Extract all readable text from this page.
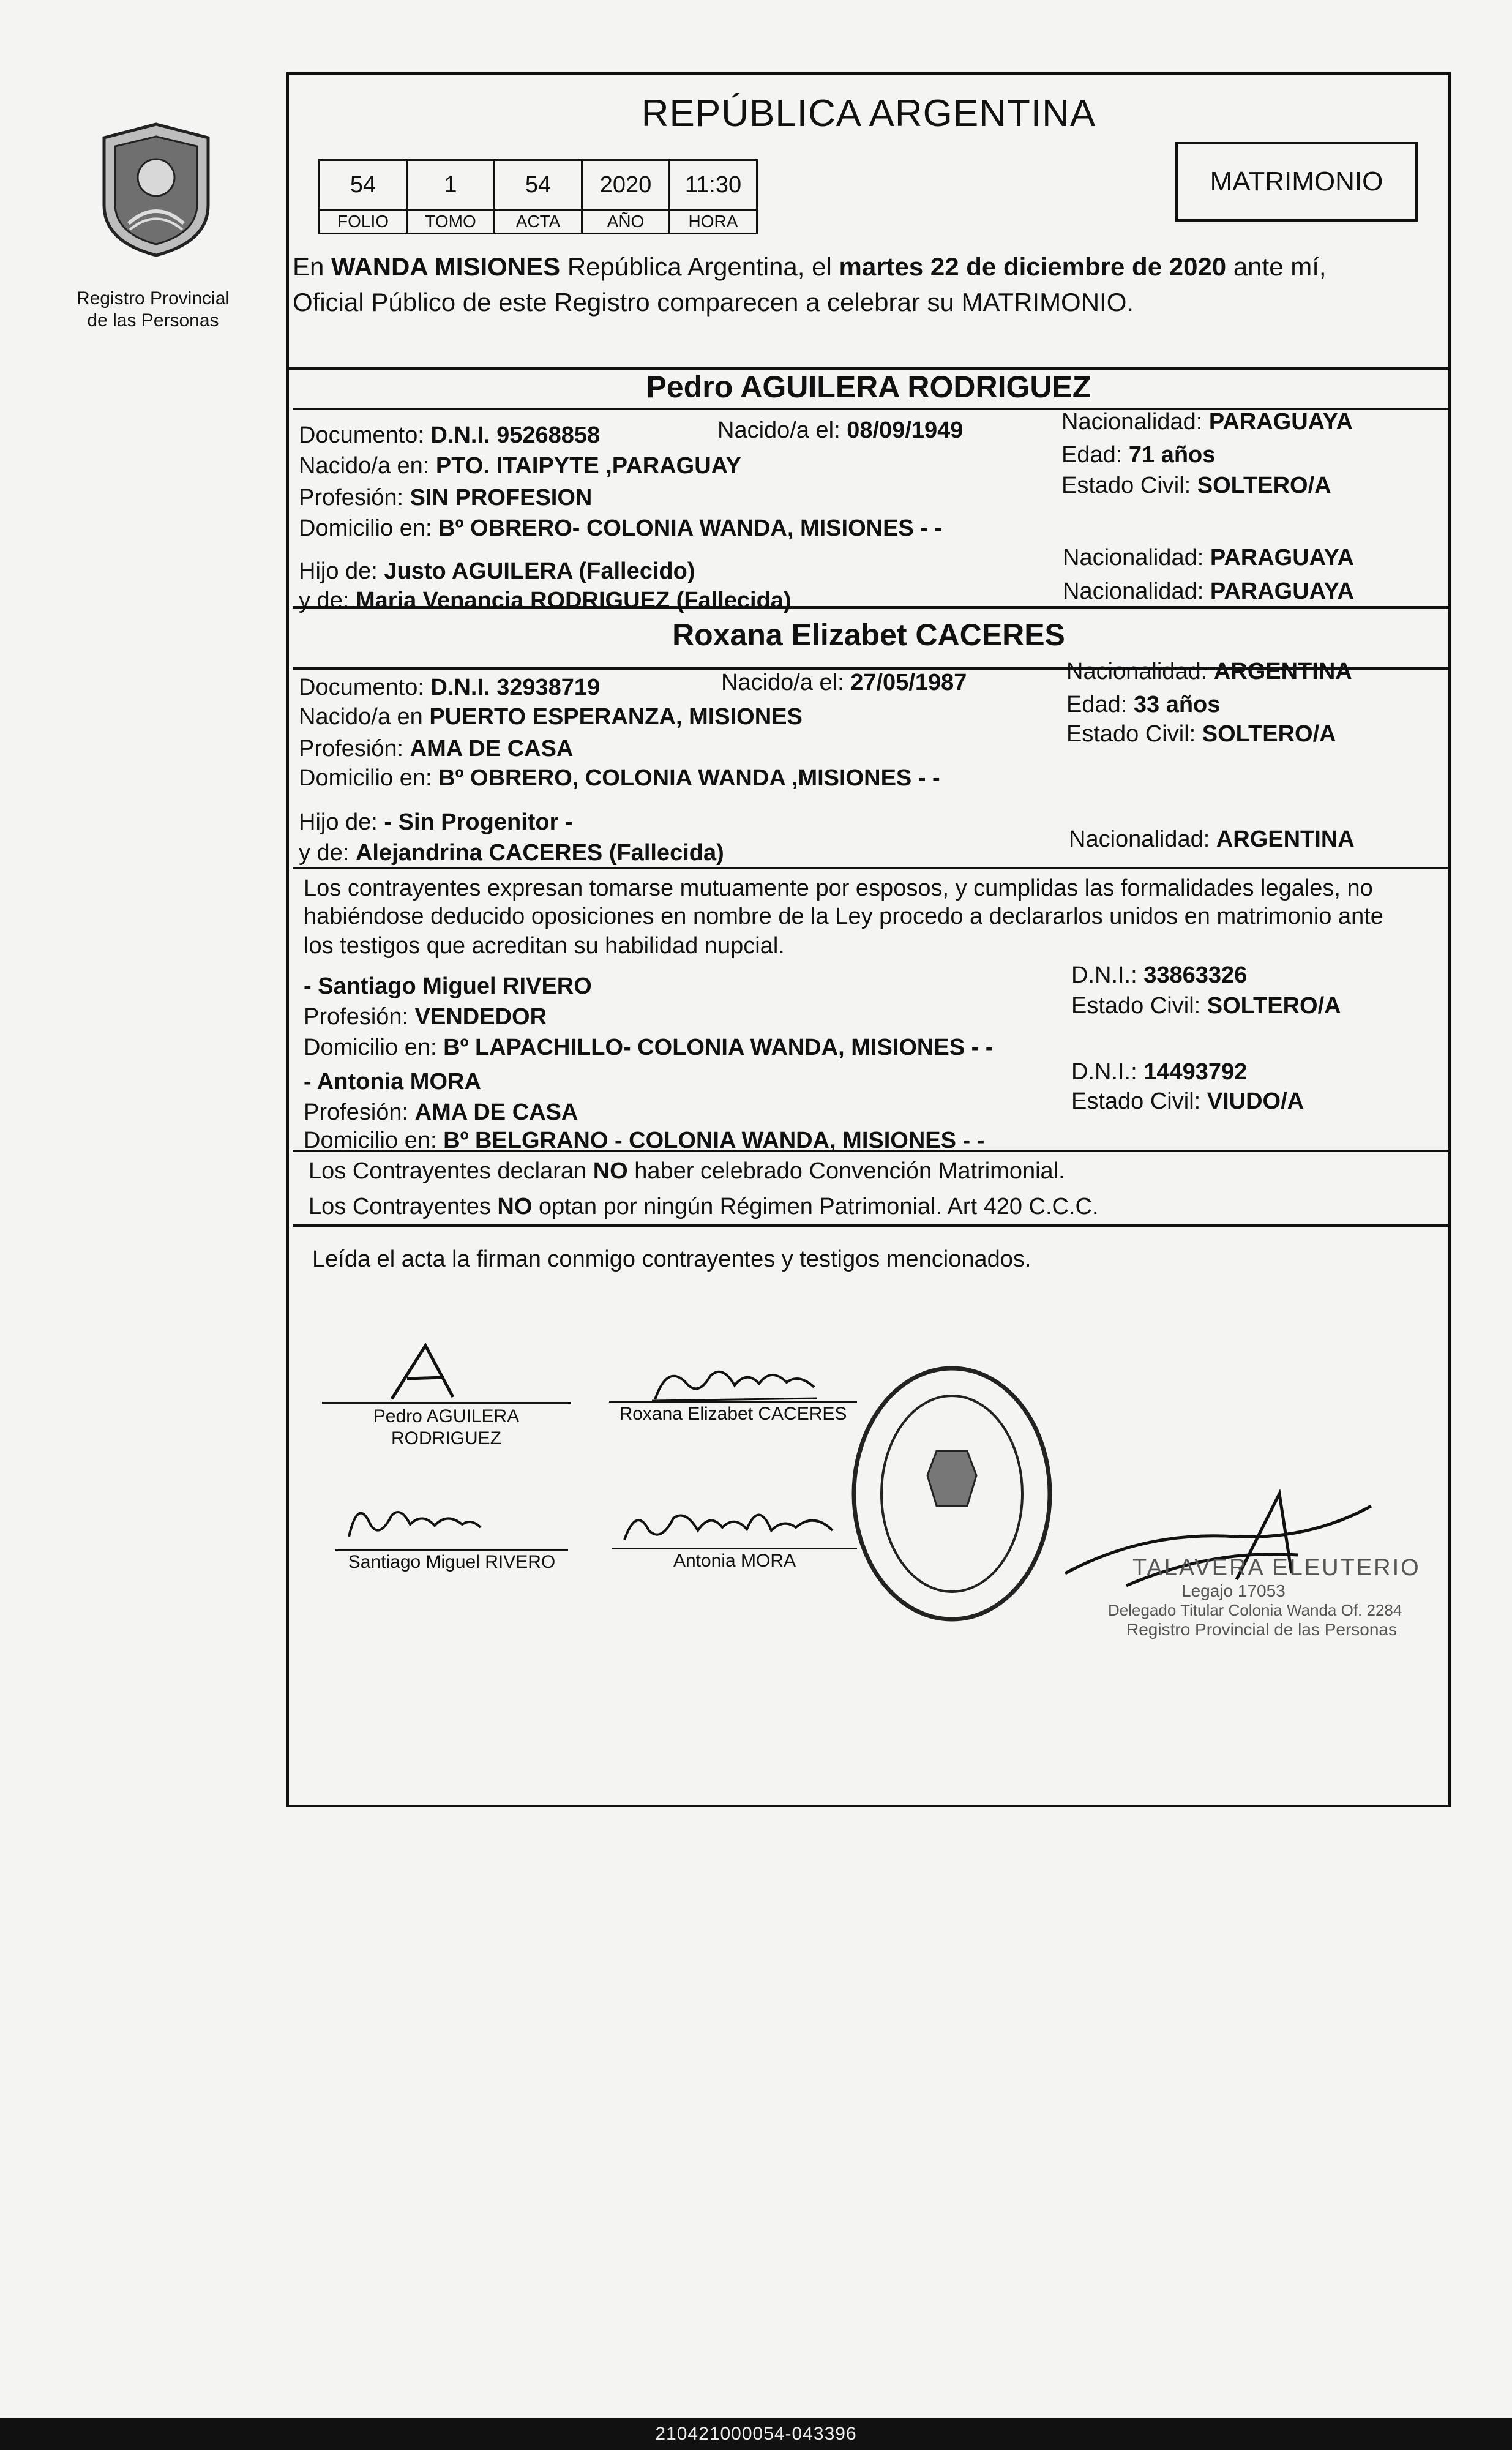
Registro Provincial
de las Personas
REPÚBLICA ARGENTINA
54	1	54	2020	11:30
FOLIO	TOMO	ACTA	AÑO	HORA
MATRIMONIO
En WANDA MISIONES República Argentina, el martes 22 de diciembre de 2020 ante mí,
Oficial Público de este Registro comparecen a celebrar su MATRIMONIO.
Pedro AGUILERA RODRIGUEZ
Documento: D.N.I. 95268858	Nacido/a el: 08/09/1949	Nacionalidad: PARAGUAYA
Nacido/a en: PTO. ITAIPYTE ,PARAGUAY	Edad: 71 años
Profesión: SIN PROFESION	Estado Civil: SOLTERO/A
Domicilio en: Bº OBRERO- COLONIA WANDA, MISIONES - -
Hijo de: Justo AGUILERA (Fallecido)
Nacionalidad: PARAGUAYA
y de: Maria Venancia RODRIGUEZ (Fallecida)	Nacionalidad: PARAGUAYA
Roxana Elizabet CACERES
Documento: D.N.I. 32938719	Nacido/a el: 27/05/1987	Nacionalidad: ARGENTINA
Nacido/a en PUERTO ESPERANZA, MISIONES	Edad: 33 años
Profesión: AMA DE CASA
Estado Civil: SOLTERO/A
Domicilio en: Bº OBRERO, COLONIA WANDA ,MISIONES - -
Hijo de: - Sin Progenitor -
y de: Alejandrina CACERES (Fallecida)
Nacionalidad: ARGENTINA
Los contrayentes expresan tomarse mutuamente por esposos, y cumplidas las formalidades legales, no
habiéndose deducido oposiciones en nombre de la Ley procedo a declararlos unidos en matrimonio ante
los testigos que acreditan su habilidad nupcial.
- Santiago Miguel RIVERO	D.N.I.: 33863326
Profesión: VENDEDOR	Estado Civil: SOLTERO/A
Domicilio en: Bº LAPACHILLO- COLONIA WANDA, MISIONES - -
- Antonia MORA	D.N.I.: 14493792
Profesión: AMA DE CASA	Estado Civil: VIUDO/A
Domicilio en: Bº BELGRANO - COLONIA WANDA, MISIONES - -
Los Contrayentes declaran NO haber celebrado Convención Matrimonial.
Los Contrayentes NO optan por ningún Régimen Patrimonial. Art 420 C.C.C.
Leída el acta la firman conmigo contrayentes y testigos mencionados.
Pedro AGUILERA
RODRIGUEZ
Roxana Elizabet CACERES
Santiago Miguel RIVERO	Antonia MORA	TALAVERA ELEUTERIO
Legajo 17053
Delegado Titular Colonia Wanda Of. 2284
Registro Provincial de las Personas
210421000054-043396
